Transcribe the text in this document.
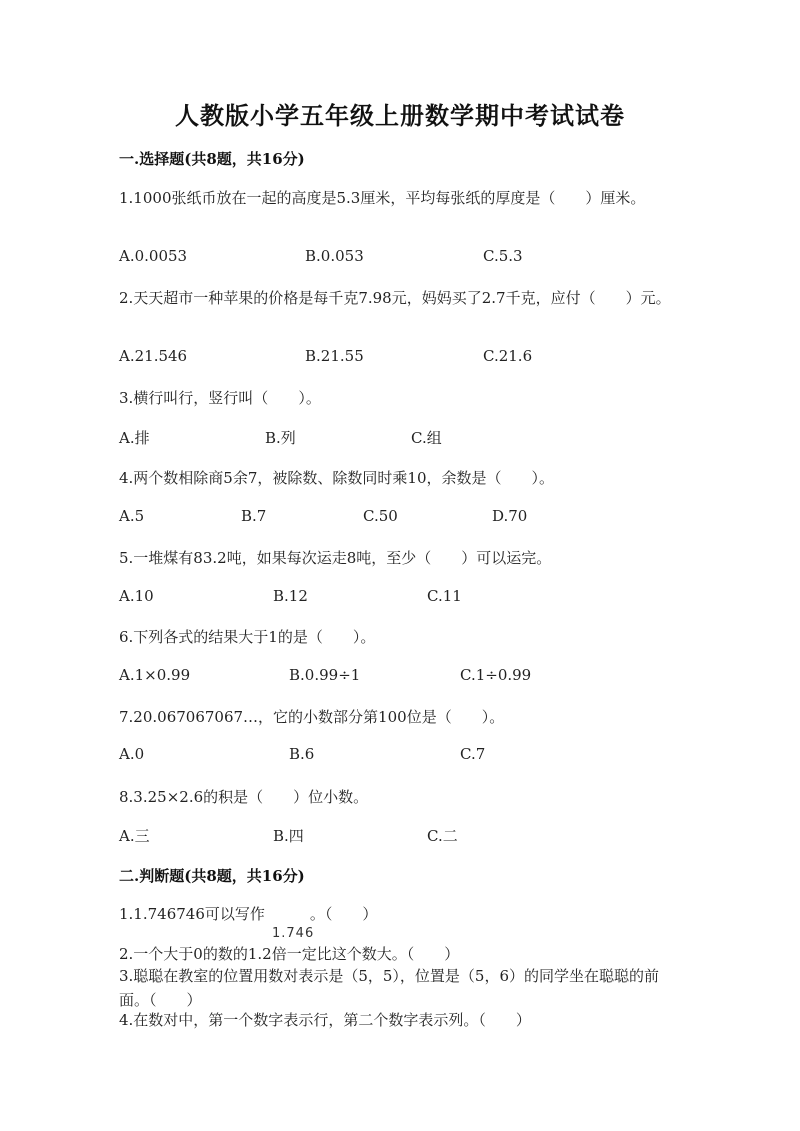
人教版小学五年级上册数学期中考试试卷
一.选择题(共8题，共16分)
1.1000张纸币放在一起的高度是5.3厘米，平均每张纸的厚度是（　　）厘米。
A.0.0053	B.0.053	C.5.3
2.天天超市一种苹果的价格是每千克7.98元，妈妈买了2.7千克，应付（　　）元。
A.21.546	B.21.55	C.21.6
3.横行叫行，竖行叫（　　）。
A.排	B.列	C.组
4.两个数相除商5余7，被除数、除数同时乘10，余数是（　　）。
A.5	B.7	C.50	D.70
5.一堆煤有83.2吨，如果每次运走8吨，至少（　　）可以运完。
A.10	B.12	C.11
6.下列各式的结果大于1的是（　　）。
A.1×0.99	B.0.99÷1	C.1÷0.99
7.20.067067067…，它的小数部分第100位是（　　）。
A.0	B.6	C.7
8.3.25×2.6的积是（　　）位小数。
A.三	B.四	C.二
二.判断题(共8题，共16分)
1.1.746746可以写作　　　。（　　）
1.746
2.一个大于0的数的1.2倍一定比这个数大。（　　）
3.聪聪在教室的位置用数对表示是（5，5），位置是（5，6）的同学坐在聪聪的前面。（　　）
4.在数对中，第一个数字表示行，第二个数字表示列。（　　）
